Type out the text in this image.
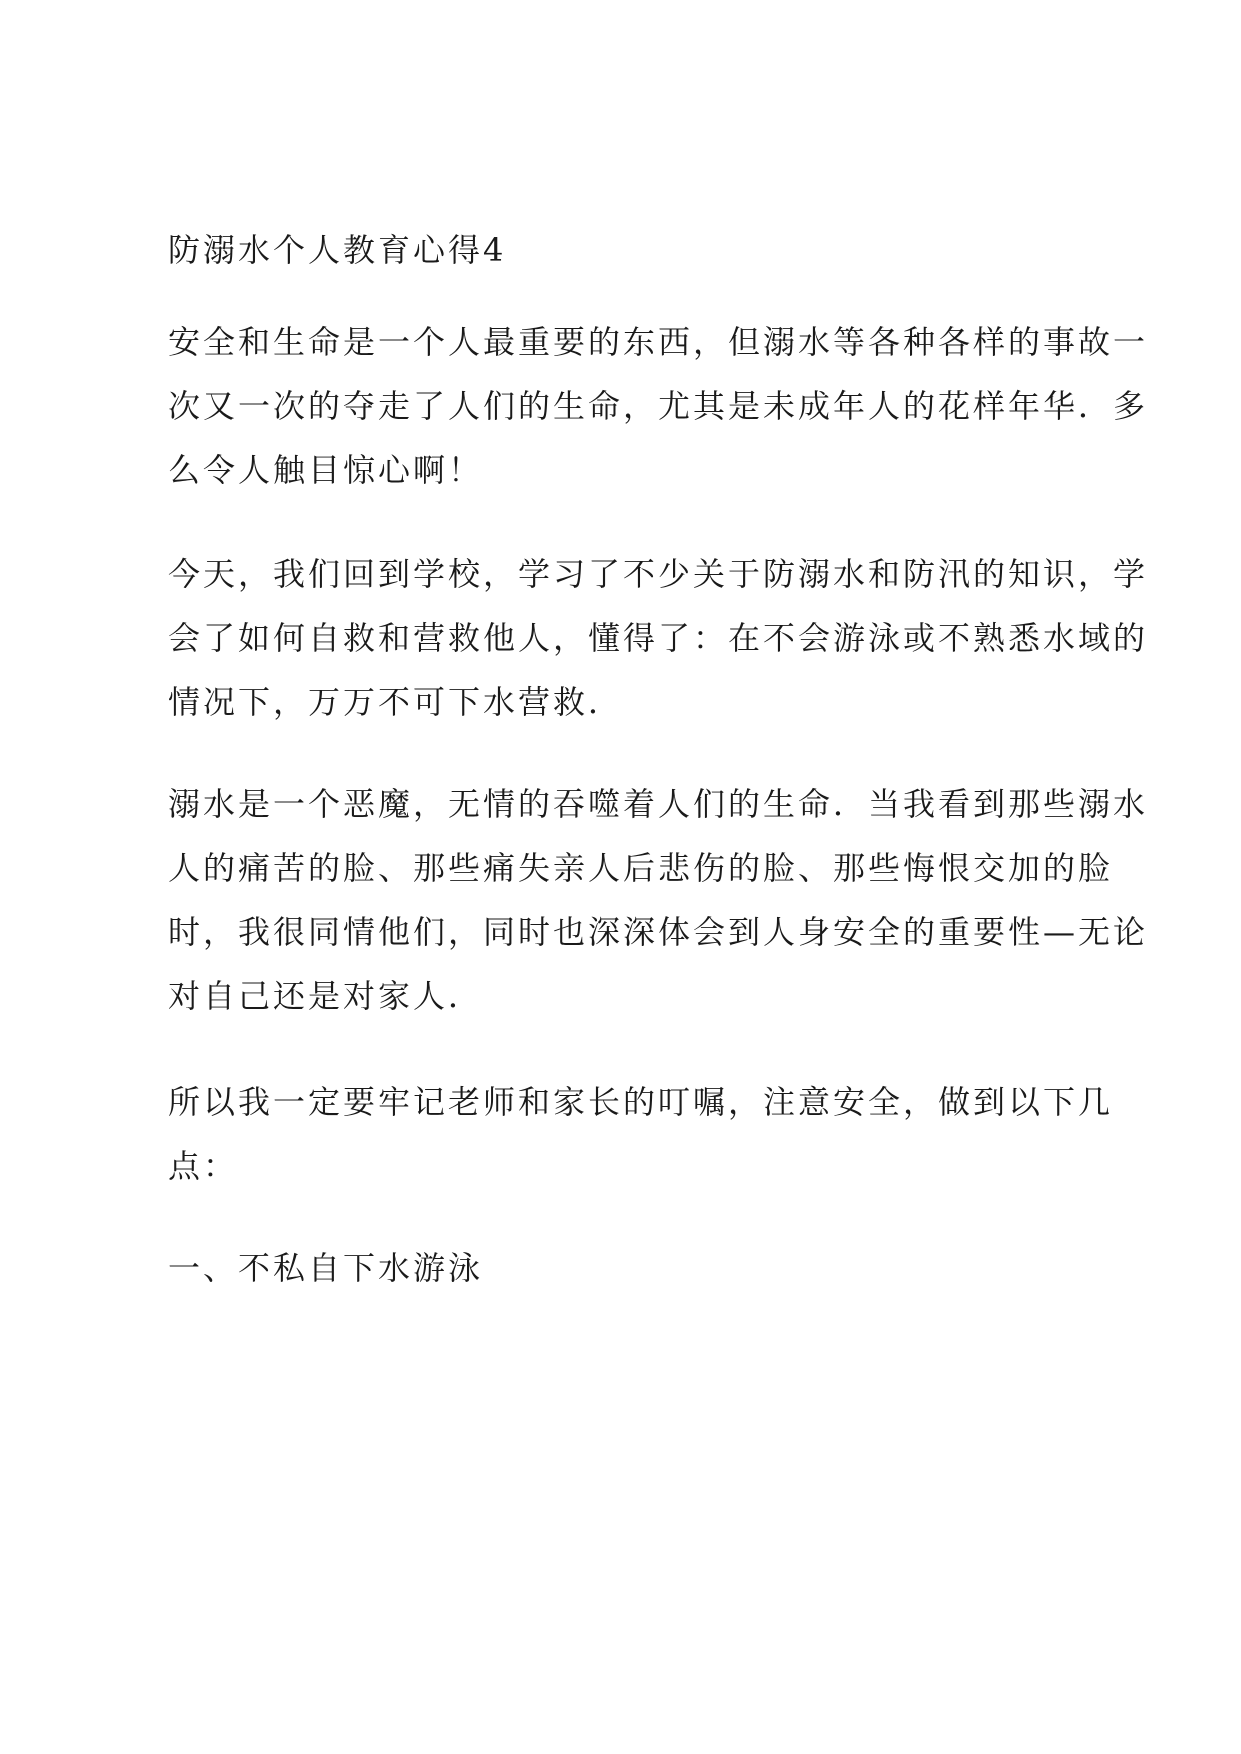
防溺水个人教育心得4

安全和生命是一个人最重要的东西，但溺水等各种各样的事故一
次又一次的夺走了人们的生命，尤其是未成年人的花样年华．多
么令人触目惊心啊！

今天，我们回到学校，学习了不少关于防溺水和防汛的知识，学
会了如何自救和营救他人，懂得了：在不会游泳或不熟悉水域的
情况下，万万不可下水营救．

溺水是一个恶魔，无情的吞噬着人们的生命．当我看到那些溺水
人的痛苦的脸、那些痛失亲人后悲伤的脸、那些悔恨交加的脸
时，我很同情他们，同时也深深体会到人身安全的重要性—无论
对自己还是对家人．

所以我一定要牢记老师和家长的叮嘱，注意安全，做到以下几
点：

一、不私自下水游泳
